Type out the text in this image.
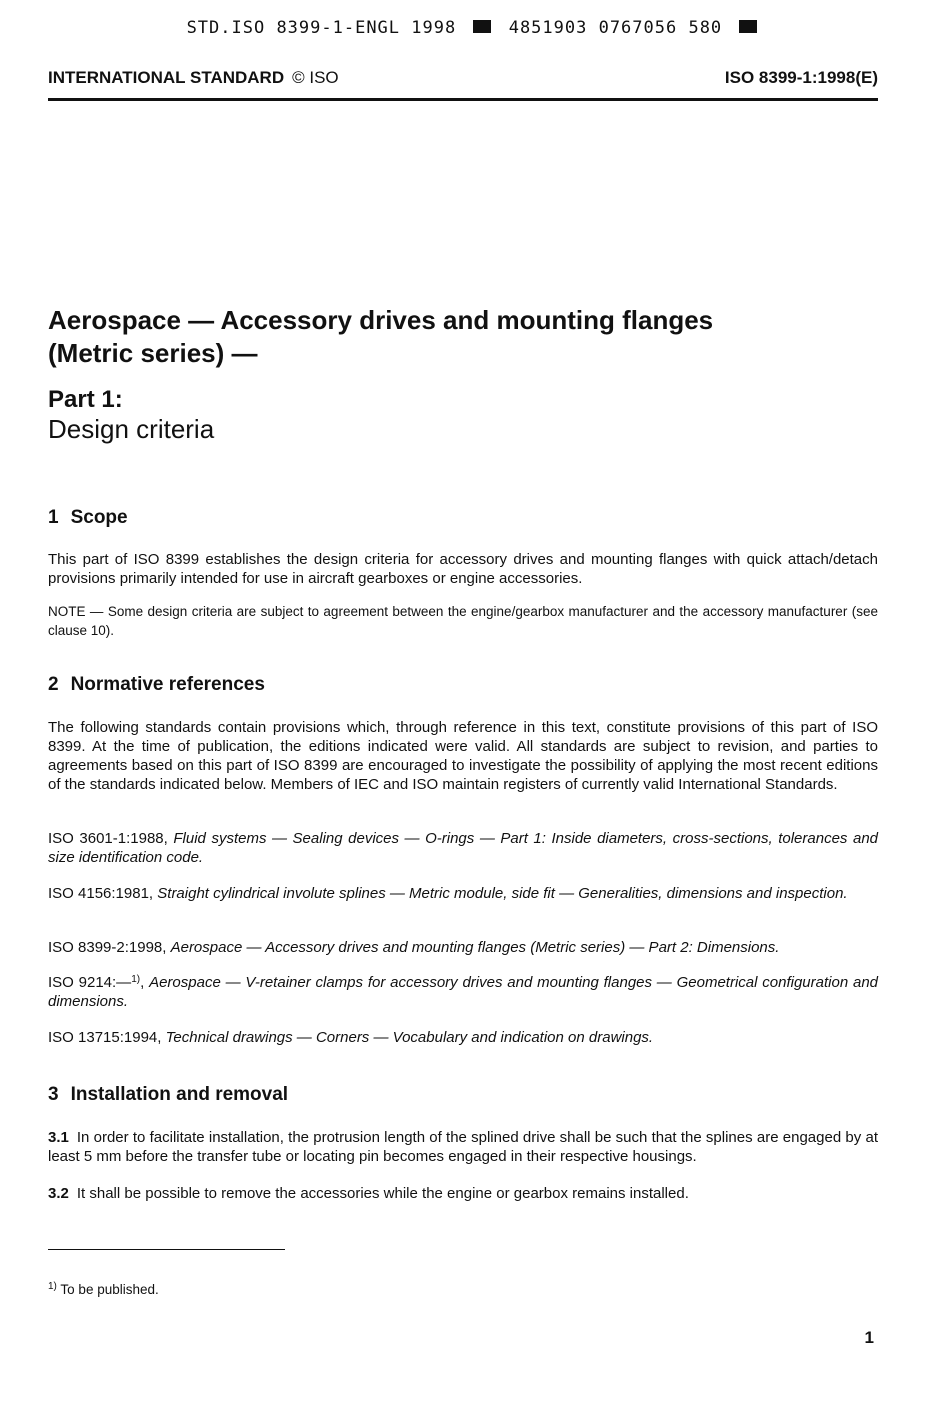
STD.ISO 8399-1-ENGL 1998	4851903 0767056 580
INTERNATIONAL STANDARD © ISO	ISO 8399-1:1998(E)
Aerospace — Accessory drives and mounting flanges
(Metric series) —
Part 1:
Design criteria
1 Scope
This part of ISO 8399 establishes the design criteria for accessory drives and mounting flanges with quick attach/detach provisions primarily intended for use in aircraft gearboxes or engine accessories.
NOTE — Some design criteria are subject to agreement between the engine/gearbox manufacturer and the accessory manufacturer (see clause 10).
2 Normative references
The following standards contain provisions which, through reference in this text, constitute provisions of this part of ISO 8399. At the time of publication, the editions indicated were valid. All standards are subject to revision, and parties to agreements based on this part of ISO 8399 are encouraged to investigate the possibility of applying the most recent editions of the standards indicated below. Members of IEC and ISO maintain registers of currently valid International Standards.
ISO 3601-1:1988, Fluid systems — Sealing devices — O-rings — Part 1: Inside diameters, cross-sections, tolerances and size identification code.
ISO 4156:1981, Straight cylindrical involute splines — Metric module, side fit — Generalities, dimensions and inspection.
ISO 8399-2:1998, Aerospace — Accessory drives and mounting flanges (Metric series) — Part 2: Dimensions.
ISO 9214:—$^{1)}$, Aerospace — V-retainer clamps for accessory drives and mounting flanges — Geometrical configuration and dimensions.
ISO 13715:1994, Technical drawings — Corners — Vocabulary and indication on drawings.
3 Installation and removal
3.1 In order to facilitate installation, the protrusion length of the splined drive shall be such that the splines are engaged by at least 5 mm before the transfer tube or locating pin becomes engaged in their respective housings.
3.2 It shall be possible to remove the accessories while the engine or gearbox remains installed.
$^{1)}$ To be published.
1
